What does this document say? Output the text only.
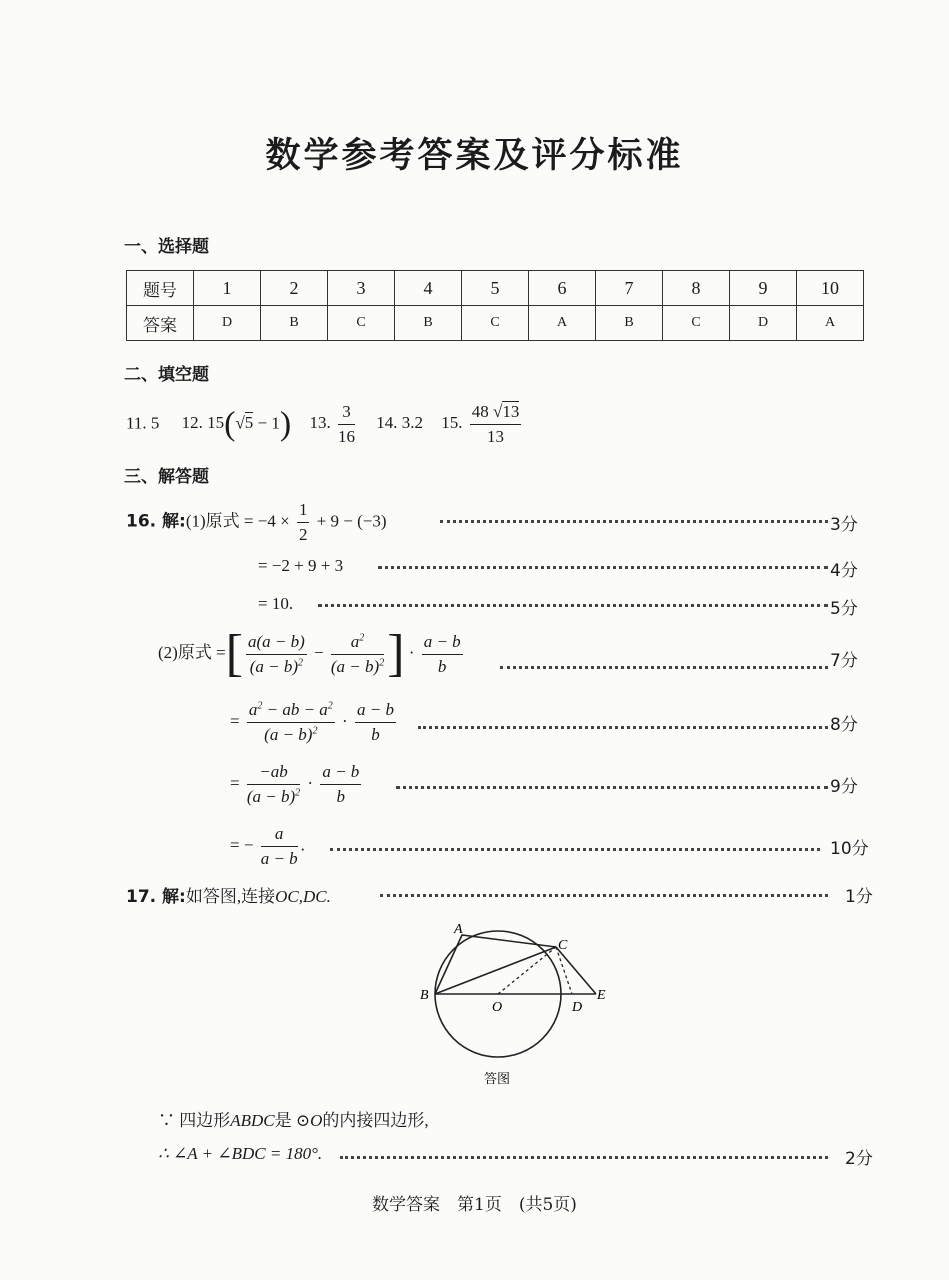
数学参考答案及评分标准
一、选择题
题号	1	2	3	4	5	6	7	8	9	10
答案	D	B	C	B	C	A	B	C	D	A
二、填空题
11. 5 12. 15(√5 − 1) 13. $\frac{3}{16} 14$. 3.2 15. $\frac{48 √13}{13}$
三、解答题
16. 解:(1)原式 = $-4 \times \frac{1}{2} + 9 - (-3)$	3分
= −2 + 9 + 3	4分
= 10.	5分
(2)原式 =[ $\frac{a(a - b)}{(a - b)^2} - \frac{a^2}{(a - b)^2}$ ] · $\frac{a - b}{b}$	7分
= $\frac{a^2 - ab - a^2}{(a - b)^2} \cdot \frac{a - b}{b}$	8分
= $\frac{-ab}{(a - b)^2} \cdot \frac{a - b}{b}$	9分
= − $\frac{a}{a - b}$ .	10分
17. 解:如答图,连接OC,DC.	1分
A
C
B
O	D
E
答图
∵ 四边形ABDC是 ⊙O的内接四边形,
∴ ∠A + ∠BDC = 180°.	2分
数学答案　第1页　(共5页)
